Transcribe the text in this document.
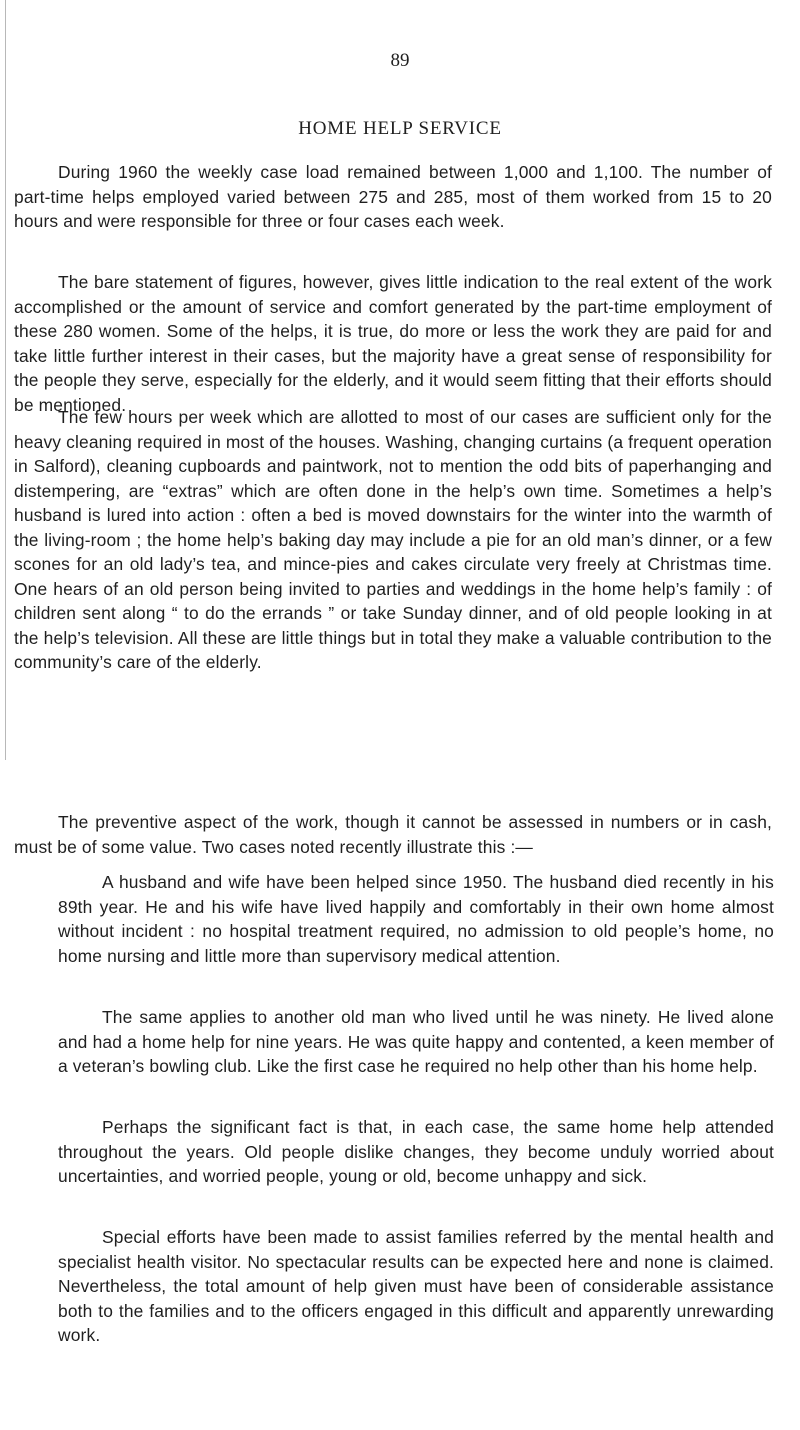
89
HOME HELP SERVICE

During 1960 the weekly case load remained between 1,000 and 1,100. The number of part-time helps employed varied between 275 and 285, most of them worked from 15 to 20 hours and were responsible for three or four cases each week.

The bare statement of figures, however, gives little indication to the real extent of the work accomplished or the amount of service and comfort generated by the part-time employment of these 280 women. Some of the helps, it is true, do more or less the work they are paid for and take little further interest in their cases, but the majority have a great sense of responsibility for the people they serve, especially for the elderly, and it would seem fitting that their efforts should be mentioned.

The few hours per week which are allotted to most of our cases are sufficient only for the heavy cleaning required in most of the houses. Washing, changing curtains (a frequent operation in Salford), cleaning cupboards and paintwork, not to mention the odd bits of paperhanging and distempering, are “extras” which are often done in the help’s own time. Sometimes a help’s husband is lured into action : often a bed is moved downstairs for the winter into the warmth of the living-room ; the home help’s baking day may include a pie for an old man’s dinner, or a few scones for an old lady’s tea, and mince-pies and cakes circulate very freely at Christmas time. One hears of an old person being invited to parties and weddings in the home help’s family : of children sent along “ to do the errands ” or take Sunday dinner, and of old people looking in at the help’s television. All these are little things but in total they make a valuable contribution to the community’s care of the elderly.

The preventive aspect of the work, though it cannot be assessed in numbers or in cash, must be of some value. Two cases noted recently illustrate this :—

A husband and wife have been helped since 1950. The husband died recently in his 89th year. He and his wife have lived happily and comfortably in their own home almost without incident : no hospital treatment required, no admission to old people’s home, no home nursing and little more than supervisory medical attention.

The same applies to another old man who lived until he was ninety. He lived alone and had a home help for nine years. He was quite happy and contented, a keen member of a veteran’s bowling club. Like the first case he required no help other than his home help.

Perhaps the significant fact is that, in each case, the same home help attended throughout the years. Old people dislike changes, they become unduly worried about uncertainties, and worried people, young or old, become unhappy and sick.

Special efforts have been made to assist families referred by the mental health and specialist health visitor. No spectacular results can be expected here and none is claimed. Nevertheless, the total amount of help given must have been of considerable assistance both to the families and to the officers engaged in this difficult and apparently unrewarding work.
